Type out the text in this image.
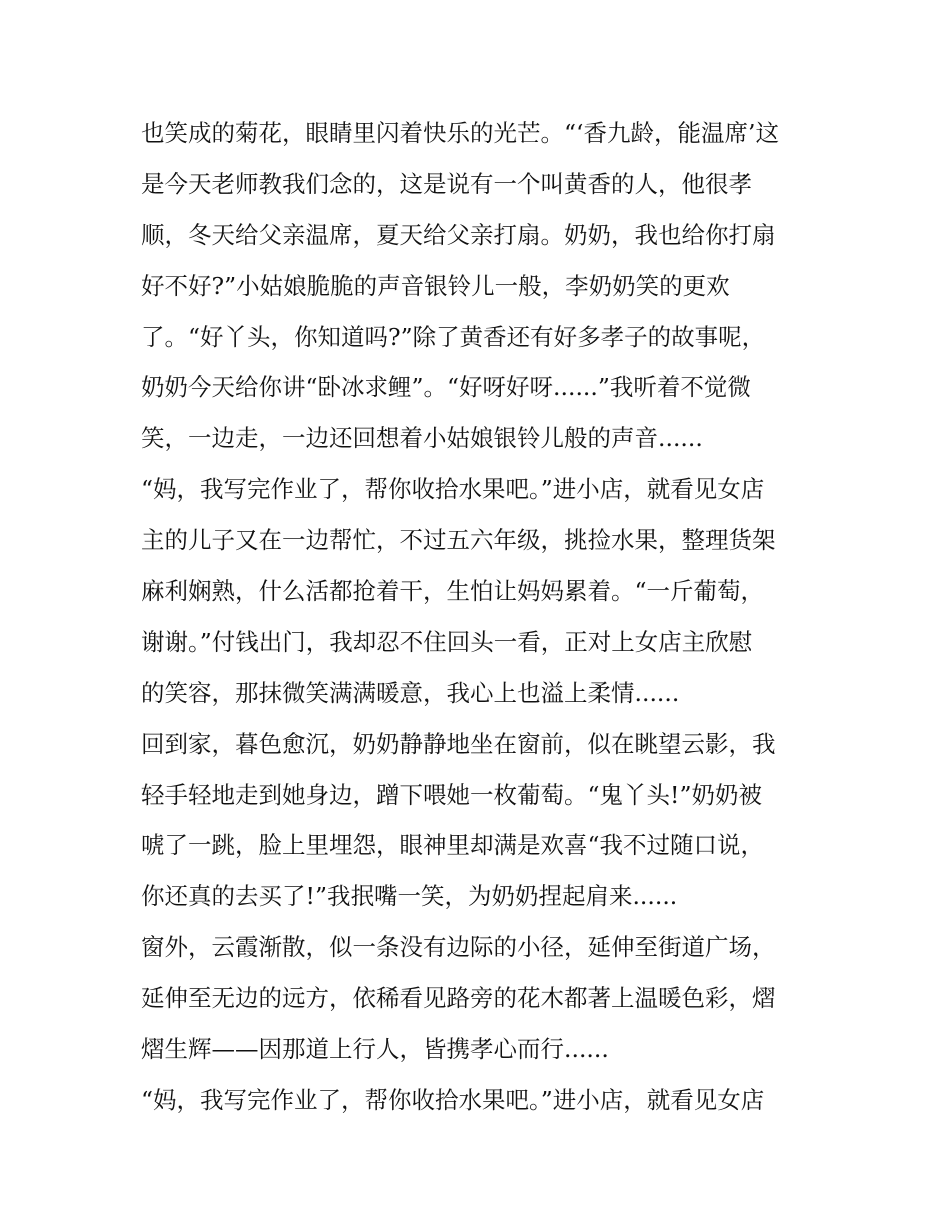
也笑成的菊花，眼睛里闪着快乐的光芒。“‘香九龄，能温席’这
是今天老师教我们念的，这是说有一个叫黄香的人，他很孝
顺，冬天给父亲温席，夏天给父亲打扇。奶奶，我也给你打扇
好不好?”小姑娘脆脆的声音银铃儿一般，李奶奶笑的更欢
了。“好丫头，你知道吗?”除了黄香还有好多孝子的故事呢，
奶奶今天给你讲“卧冰求鲤”。“好呀好呀......”我听着不觉微
笑，一边走，一边还回想着小姑娘银铃儿般的声音......
“妈，我写完作业了，帮你收拾水果吧。”进小店，就看见女店
主的儿子又在一边帮忙，不过五六年级，挑捡水果，整理货架
麻利娴熟，什么活都抢着干，生怕让妈妈累着。“一斤葡萄，
谢谢。”付钱出门，我却忍不住回头一看，正对上女店主欣慰
的笑容，那抹微笑满满暖意，我心上也溢上柔情......
回到家，暮色愈沉，奶奶静静地坐在窗前，似在眺望云影，我
轻手轻地走到她身边，蹭下喂她一枚葡萄。“鬼丫头!”奶奶被
唬了一跳，脸上里埋怨，眼神里却满是欢喜“我不过随口说，
你还真的去买了!”我抿嘴一笑，为奶奶捏起肩来......
窗外，云霞渐散，似一条没有边际的小径，延伸至街道广场，
延伸至无边的远方，依稀看见路旁的花木都著上温暖色彩，熠
熠生辉——因那道上行人，皆携孝心而行......
“妈，我写完作业了，帮你收拾水果吧。”进小店，就看见女店
